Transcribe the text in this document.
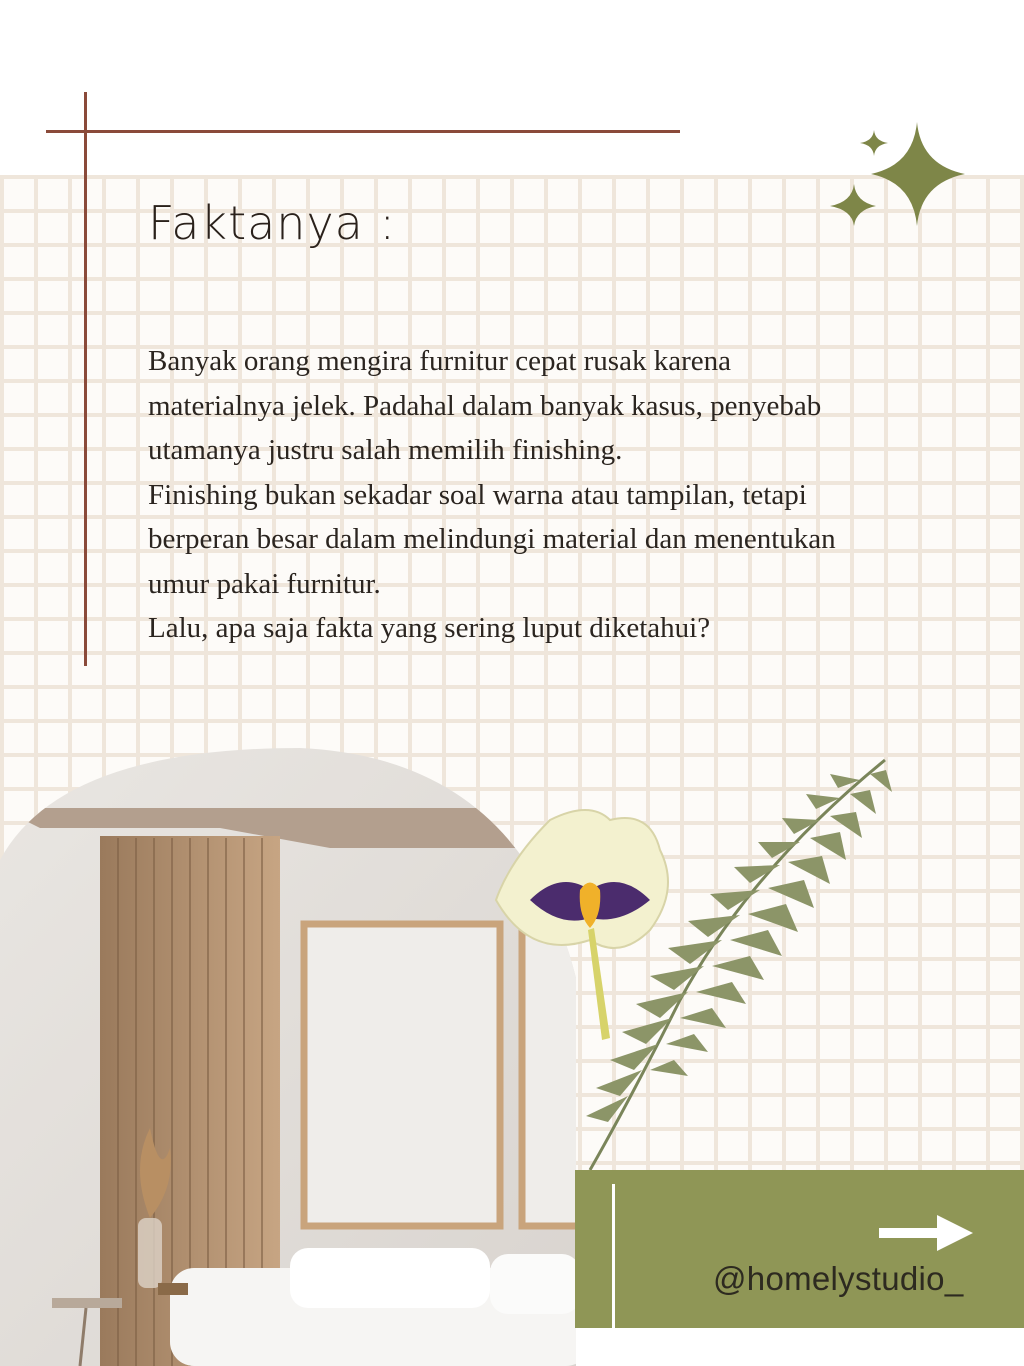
Faktanya :

Banyak orang mengira furnitur cepat rusak karena materialnya jelek. Padahal dalam banyak kasus, penyebab utamanya justru salah memilih finishing.

Finishing bukan sekadar soal warna atau tampilan, tetapi berperan besar dalam melindungi material dan menentukan umur pakai furnitur.

Lalu, apa saja fakta yang sering luput diketahui?

@homelystudio_
